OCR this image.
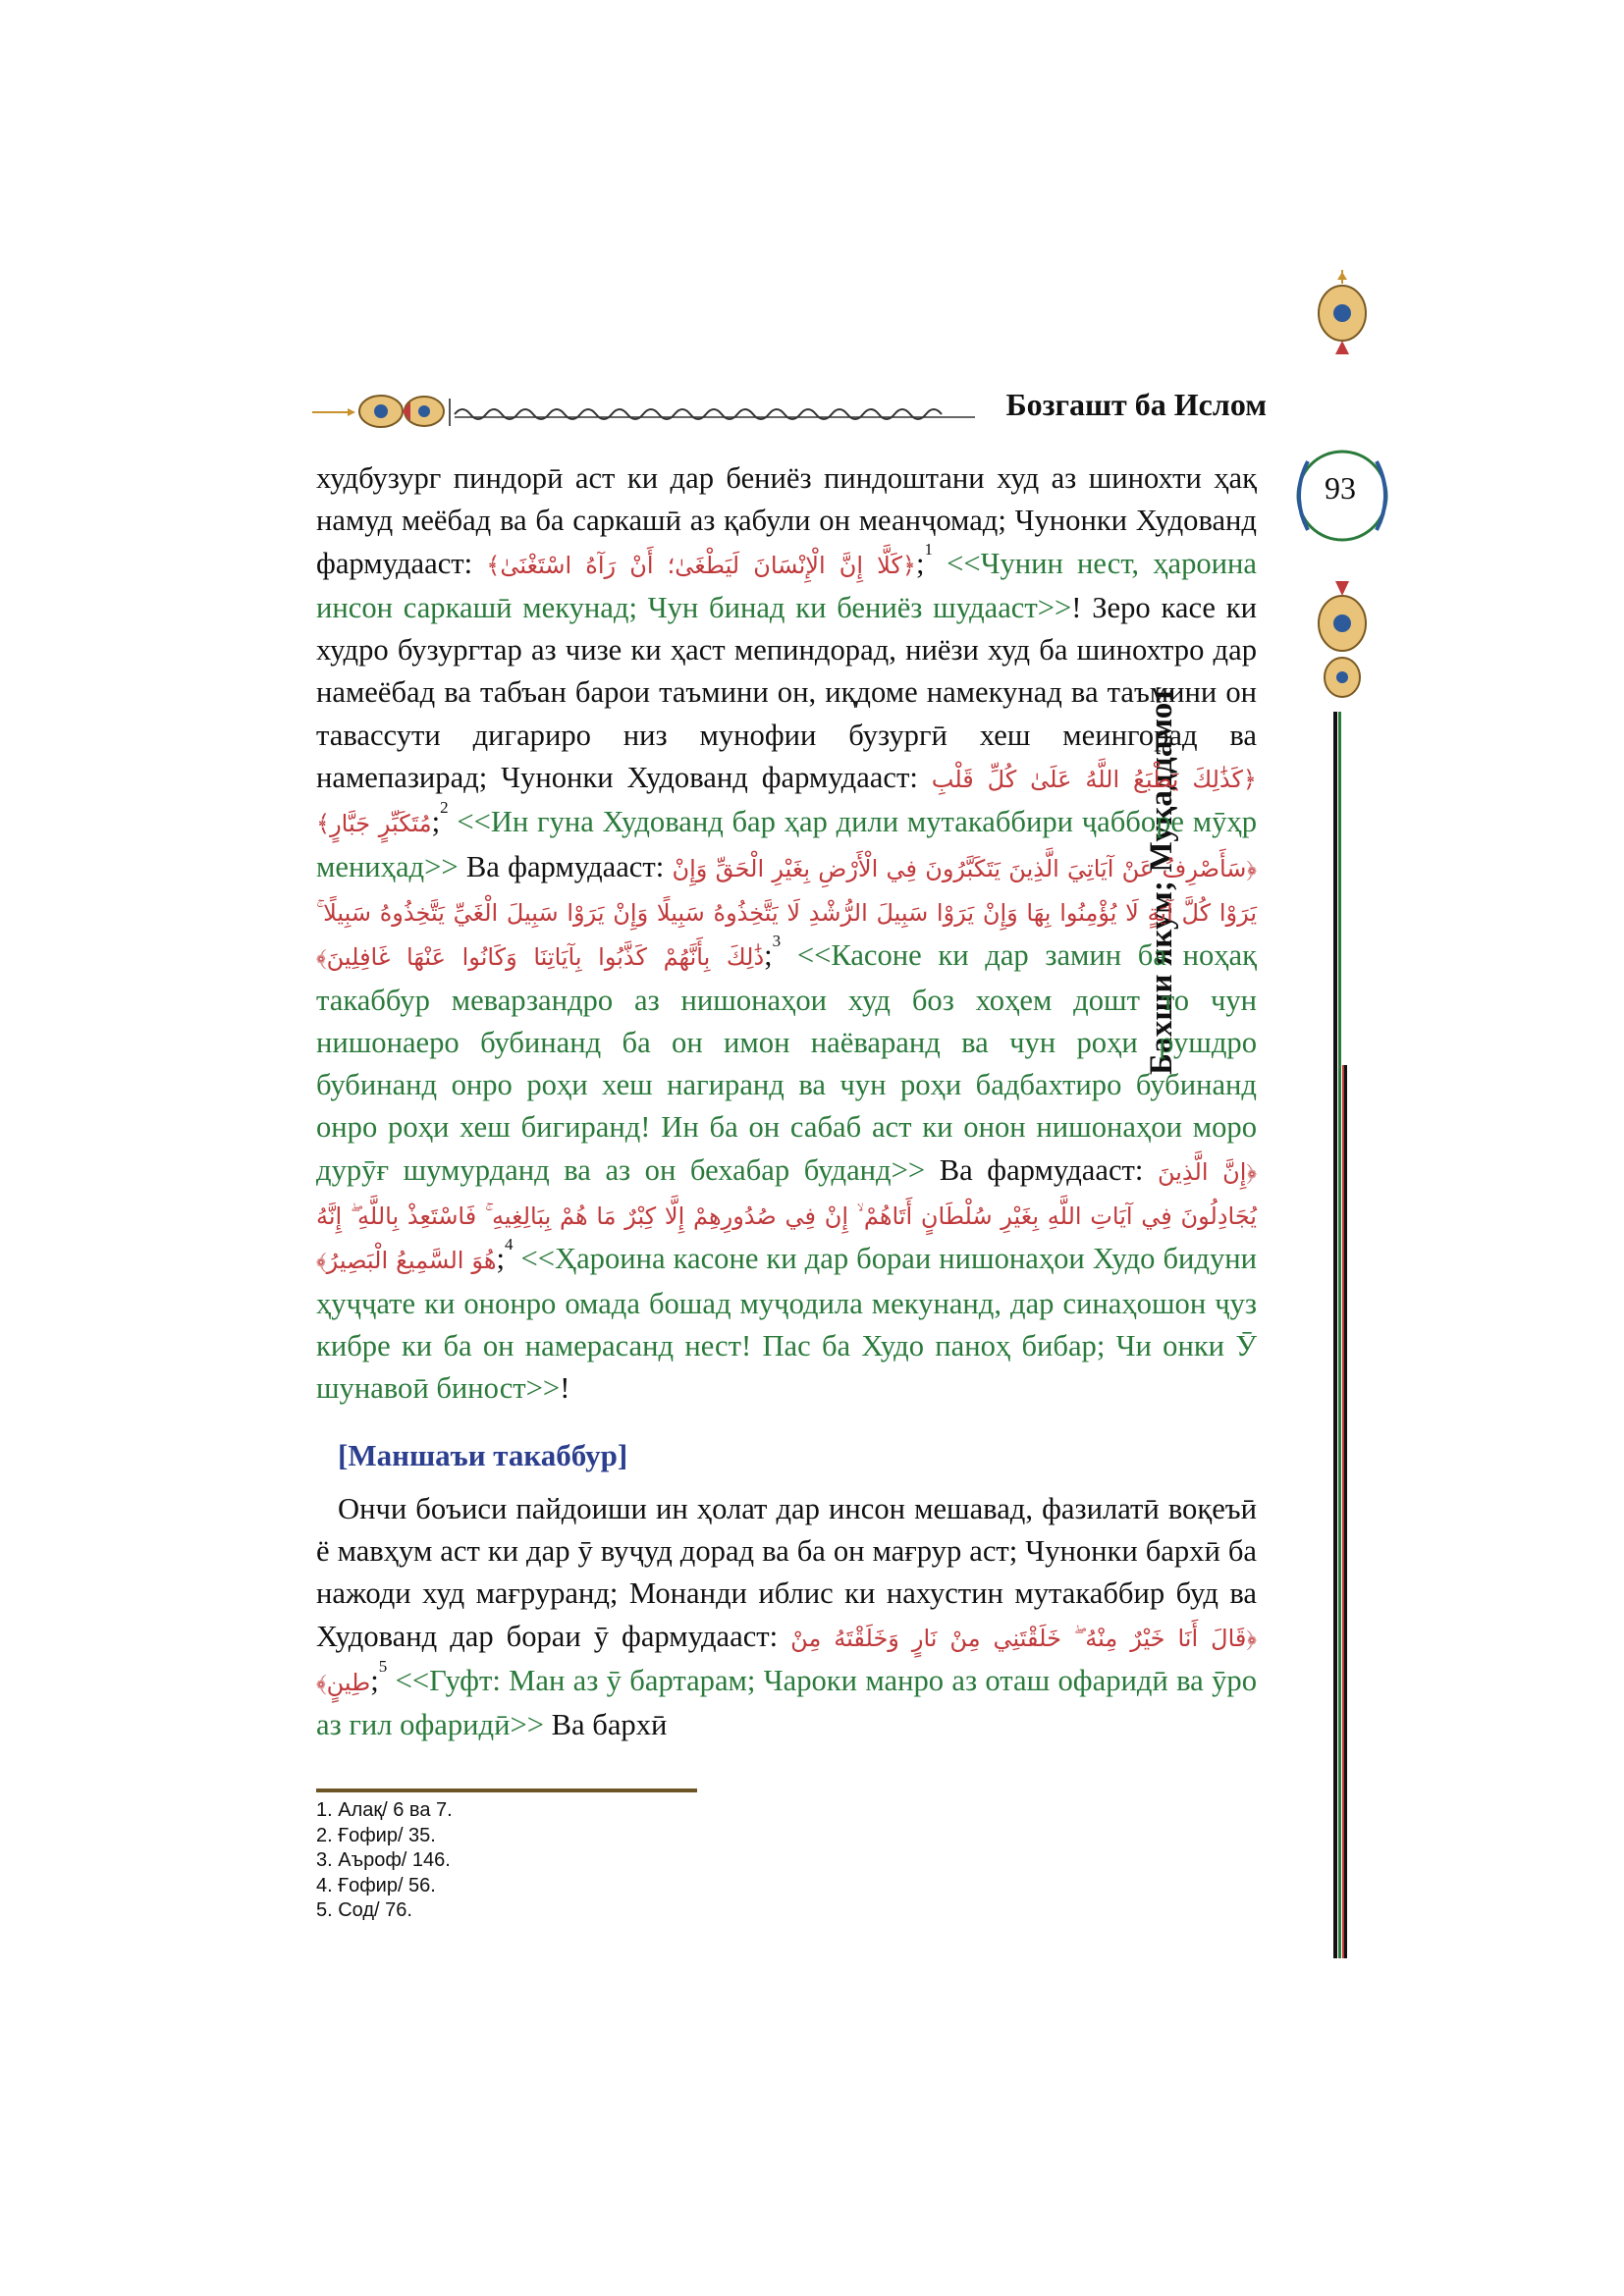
Бозгашт ба Ислом
93
Бахши якум; Муқаддамот

худбузург пиндорӣ аст ки дар бениёз пиндоштани худ аз шинохти ҳақ намуд меёбад ва ба саркашӣ аз қабули он меанҷомад; Чунонки Худованд фармудааст: ﴿كَلَّا إِنَّ الْإِنْسَانَ لَيَطْغَىٰ؛ أَنْ رَآهُ اسْتَغْنَىٰ﴾;$^1$ <<Чунин нест, ҳароина инсон саркашӣ мекунад; Чун бинад ки бениёз шудааст>>! Зеро касе ки худро бузургтар аз чизе ки ҳаст мепиндорад, ниёзи худ ба шинохтро дар намеёбад ва табъан барои таъмини он, иқдоме намекунад ва таъмини он тавассути дигариро низ мунофии бузургӣ хеш меингорад ва намепазирад; Чунонки Худованд фармудааст: ﴿كَذَٰلِكَ يَطْبَعُ اللَّهُ عَلَىٰ كُلِّ قَلْبِ مُتَكَبِّرٍ جَبَّارٍ﴾;$^2$ <<Ин гуна Худованд бар ҳар дили мутакаббири ҷабборе мӯҳр мениҳад>> Ва фармудааст: ﴿سَأَصْرِفُ عَنْ آيَاتِيَ الَّذِينَ يَتَكَبَّرُونَ فِي الْأَرْضِ بِغَيْرِ الْحَقِّ وَإِنْ يَرَوْا كُلَّ آيَةٍ لَا يُؤْمِنُوا بِهَا وَإِنْ يَرَوْا سَبِيلَ الرُّشْدِ لَا يَتَّخِذُوهُ سَبِيلًا وَإِنْ يَرَوْا سَبِيلَ الْغَيِّ يَتَّخِذُوهُ سَبِيلًا ۚ ذَٰلِكَ بِأَنَّهُمْ كَذَّبُوا بِآيَاتِنَا وَكَانُوا عَنْهَا غَافِلِينَ﴾;$^3$ <<Касоне ки дар замин ба ноҳақ такаббур меварзандро аз нишонаҳои худ боз хоҳем дошт то чун нишонаеро бубинанд ба он имон наёваранд ва чун роҳи рушдро бубинанд онро роҳи хеш нагиранд ва чун роҳи бадбахтиро бубинанд онро роҳи хеш бигиранд! Ин ба он сабаб аст ки онон нишонаҳои моро дурӯғ шумурданд ва аз он бехабар буданд>> Ва фармудааст: ﴿إِنَّ الَّذِينَ يُجَادِلُونَ فِي آيَاتِ اللَّهِ بِغَيْرِ سُلْطَانٍ أَتَاهُمْ ۙ إِنْ فِي صُدُورِهِمْ إِلَّا كِبْرٌ مَا هُمْ بِبَالِغِيهِ ۚ فَاسْتَعِذْ بِاللَّهِ ۖ إِنَّهُ هُوَ السَّمِيعُ الْبَصِيرُ﴾;$^4$ <<Ҳароина касоне ки дар бораи нишонаҳои Худо бидуни ҳуҷҷате ки ононро омада бошад муҷодила мекунанд, дар синаҳошон ҷуз кибре ки ба он намерасанд нест! Пас ба Худо паноҳ бибар; Чи онки Ӯ шунавоӣ биност>>!

[Маншаъи такаббур]

Ончи боъиси пайдоиши ин ҳолат дар инсон мешавад, фазилатӣ воқеъӣ ё мавҳум аст ки дар ӯ вуҷуд дорад ва ба он мағрур аст; Чунонки бархӣ ба нажоди худ мағруранд; Монанди иблис ки нахустин мутакаббир буд ва Худованд дар бораи ӯ фармудааст: ﴿قَالَ أَنَا خَيْرٌ مِنْهُ ۖ خَلَقْتَنِي مِنْ نَارٍ وَخَلَقْتَهُ مِنْ طِينٍ﴾;$^5$ <<Гуфт: Ман аз ӯ бартарам; Чароки манро аз оташ офаридӣ ва ӯро аз гил офаридӣ>> Ва бархӣ

1. Алақ/ 6 ва 7.
2. Ғофир/ 35.
3. Аъроф/ 146.
4. Ғофир/ 56.
5. Сод/ 76.
